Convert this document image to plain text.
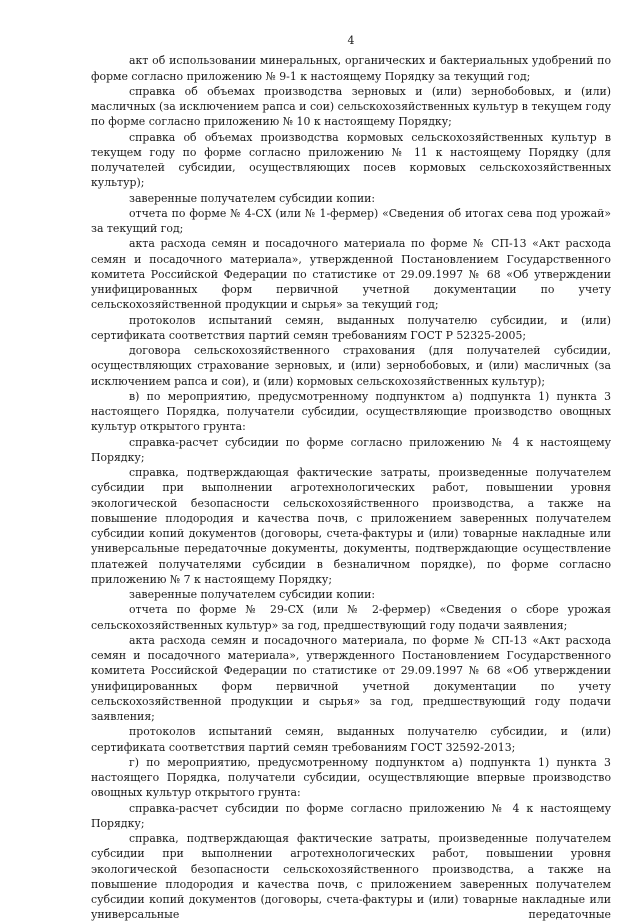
4

акт об использовании минеральных, органических и бактериальных удобрений по форме согласно приложению № 9-1 к настоящему Порядку за текущий год;

справка об объемах производства зерновых и (или) зернобобовых, и (или) масличных (за исключением рапса и сои) сельскохозяйственных культур в текущем году по форме согласно приложению № 10 к настоящему Порядку;

справка об объемах производства кормовых сельскохозяйственных культур в текущем году по форме согласно приложению № 11 к настоящему Порядку (для получателей субсидии, осуществляющих посев кормовых сельскохозяйственных культур);

заверенные получателем субсидии копии:

отчета по форме № 4-СХ (или № 1-фермер) «Сведения об итогах сева под урожай» за текущий год;

акта расхода семян и посадочного материала по форме № СП-13 «Акт расхода семян и посадочного материала», утвержденной Постановлением Государственного комитета Российской Федерации по статистике от 29.09.1997 № 68 «Об утверждении унифицированных форм первичной учетной документации по учету сельскохозяйственной продукции и сырья» за текущий год;

протоколов испытаний семян, выданных получателю субсидии, и (или) сертификата соответствия партий семян требованиям ГОСТ Р 52325-2005;

договора сельскохозяйственного страхования (для получателей субсидии, осуществляющих страхование зерновых, и (или) зернобобовых, и (или) масличных (за исключением рапса и сои), и (или) кормовых сельскохозяйственных культур);

в) по мероприятию, предусмотренному подпунктом а) подпункта 1) пункта 3 настоящего Порядка, получатели субсидии, осуществляющие производство овощных культур открытого грунта:

справка-расчет субсидии по форме согласно приложению № 4 к настоящему Порядку;

справка, подтверждающая фактические затраты, произведенные получателем субсидии при выполнении агротехнологических работ, повышении уровня экологической безопасности сельскохозяйственного производства, а также на повышение плодородия и качества почв, с приложением заверенных получателем субсидии копий документов (договоры, счета-фактуры и (или) товарные накладные или универсальные передаточные документы, документы, подтверждающие осуществление платежей получателями субсидии в безналичном порядке), по форме согласно приложению № 7 к настоящему Порядку;

заверенные получателем субсидии копии:

отчета по форме № 29-СХ (или № 2-фермер) «Сведения о сборе урожая сельскохозяйственных культур» за год, предшествующий году подачи заявления;

акта расхода семян и посадочного материала, по форме № СП-13 «Акт расхода семян и посадочного материала», утвержденного Постановлением Государственного комитета Российской Федерации по статистике от 29.09.1997 № 68 «Об утверждении унифицированных форм первичной учетной документации по учету сельскохозяйственной продукции и сырья» за год, предшествующий году подачи заявления;

протоколов испытаний семян, выданных получателю субсидии, и (или) сертификата соответствия партий семян требованиям ГОСТ 32592-2013;

г) по мероприятию, предусмотренному подпунктом а) подпункта 1) пункта 3 настоящего Порядка, получатели субсидии, осуществляющие впервые производство овощных культур открытого грунта:

справка-расчет субсидии по форме согласно приложению № 4 к настоящему Порядку;

справка, подтверждающая фактические затраты, произведенные получателем субсидии при выполнении агротехнологических работ, повышении уровня экологической безопасности сельскохозяйственного производства, а также на повышение плодородия и качества почв, с приложением заверенных получателем субсидии копий документов (договоры, счета-фактуры и (или) товарные накладные или универсальные передаточные
